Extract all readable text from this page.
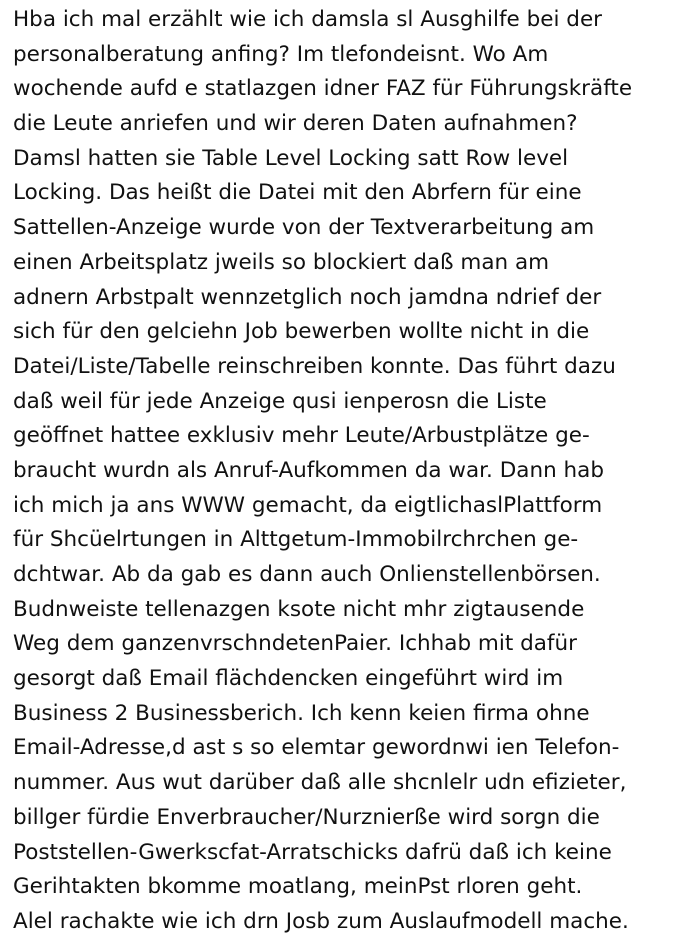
Hba ich mal erzählt wie ich damsla sl Ausghilfe bei der
personalberatung anfing? Im tlefondeisnt. Wo Am
wochende aufd e statlazgen idner FAZ für Führungskräfte
die Leute anriefen und wir deren Daten aufnahmen?
Damsl hatten sie Table Level Locking satt Row level
Locking. Das heißt die Datei mit den Abrfern für eine
Sattellen-Anzeige wurde von der Textverarbeitung am
einen Arbeitsplatz jweils so blockiert daß man am
adnern Arbstpalt wennzetglich noch jamdna ndrief der
sich für den gelciehn Job bewerben wollte nicht in die
Datei/Liste/Tabelle reinschreiben konnte. Das führt dazu
daß weil für jede Anzeige qusi ienperosn die Liste
geöffnet hattee exklusiv mehr Leute/Arbustplätze ge-
braucht wurdn als Anruf-Aufkommen da war. Dann hab
ich mich ja ans WWW gemacht, da eigtlichaslPlattform
für Shcüelrtungen in Alttgetum-Immobilrchrchen ge-
dchtwar. Ab da gab es dann auch Onlienstellenbörsen.
Budnweiste tellenazgen ksote nicht mhr zigtausende
Weg dem ganzenvrschndetenPaier. Ichhab mit dafür
gesorgt daß Email flächdencken eingeführt wird im
Business 2 Businessberich. Ich kenn keien firma ohne
Email-Adresse,d ast s so elemtar gewordnwi ien Telefon-
nummer. Aus wut darüber daß alle shcnlelr udn efizieter,
billger fürdie Enverbraucher/Nurznierße wird sorgn die
Poststellen-Gwerkscfat-Arratschicks dafrü daß ich keine
Gerihtakten bkomme moatlang, meinPst rloren geht.
Alel rachakte wie ich drn Josb zum Auslaufmodell mache.
